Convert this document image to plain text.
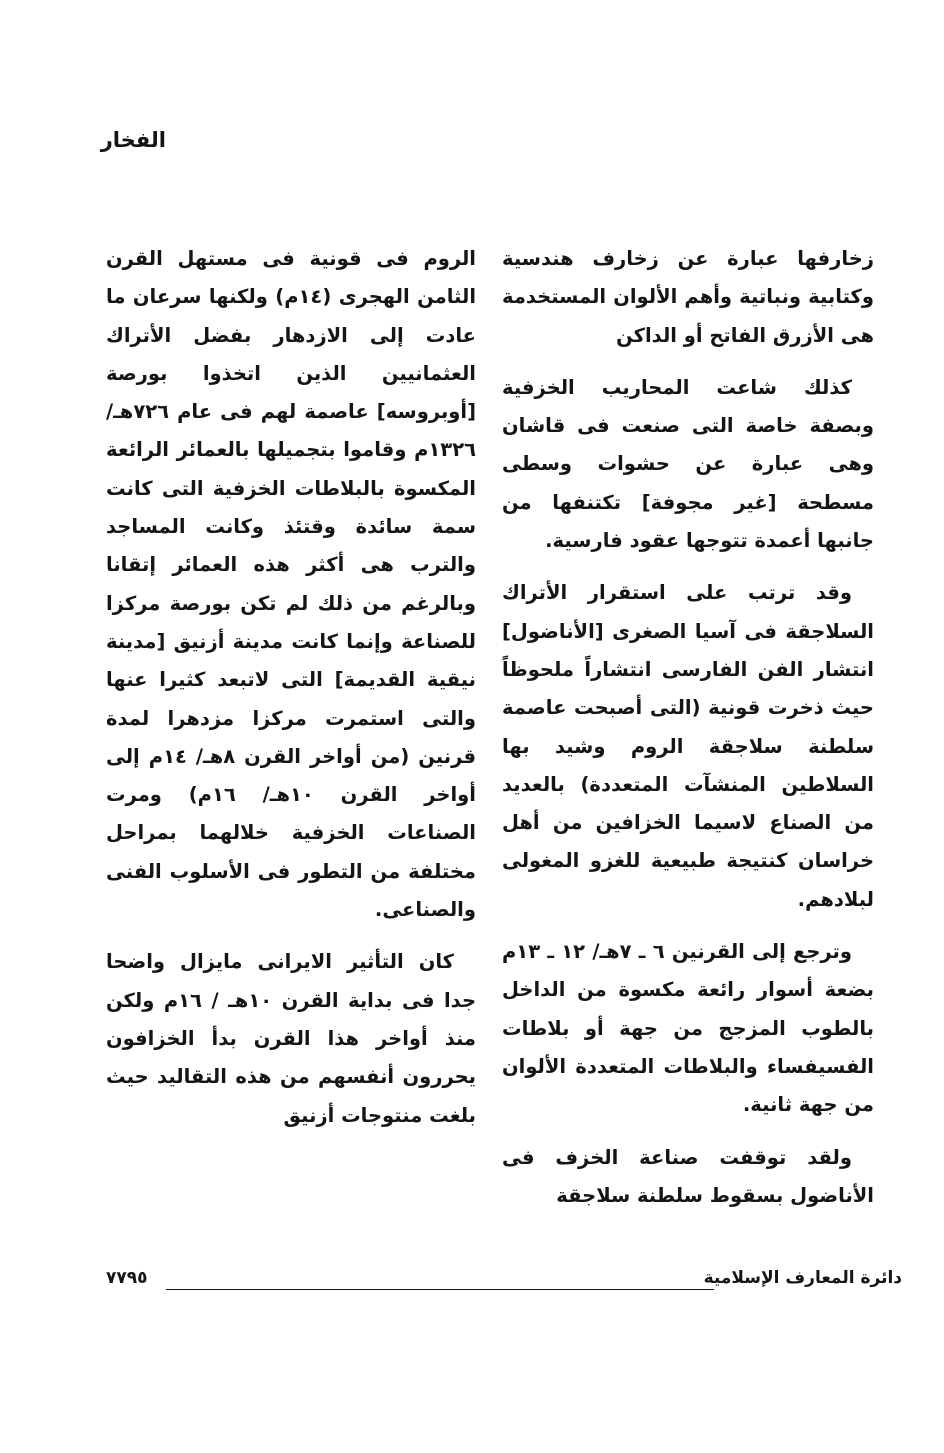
الفخار

زخارفها عبارة عن زخارف هندسية وكتابية ونباتية وأهم الألوان المستخدمة هى الأزرق الفاتح أو الداكن

كذلك شاعت المحاريب الخزفية وبصفة خاصة التى صنعت فى قاشان وهى عبارة عن حشوات وسطى مسطحة [غير مجوفة] تكتنفها من جانبها أعمدة تتوجها عقود فارسية.

وقد ترتب على استقرار الأتراك السلاجقة فى آسيا الصغرى [الأناضول] انتشار الفن الفارسى انتشاراً ملحوظاً حيث ذخرت قونية (التى أصبحت عاصمة سلطنة سلاجقة الروم وشيد بها السلاطين المنشآت المتعددة) بالعديد من الصناع لاسيما الخزافين من أهل خراسان كنتيجة طبيعية للغزو المغولى لبلادهم.

وترجع إلى القرنين ٦ ـ ٧هـ/ ١٢ ـ ١٣م بضعة أسوار رائعة مكسوة من الداخل بالطوب المزجج من جهة أو بلاطات الفسيفساء والبلاطات المتعددة الألوان من جهة ثانية.

ولقد توقفت صناعة الخزف فى الأناضول بسقوط سلطنة سلاجقة

الروم فى قونية فى مستهل القرن الثامن الهجرى (١٤م) ولكنها سرعان ما عادت إلى الازدهار بفضل الأتراك العثمانيين الذين اتخذوا بورصة [أوبروسه] عاصمة لهم فى عام ٧٢٦هـ/١٣٢٦م وقاموا بتجميلها بالعمائر الرائعة المكسوة بالبلاطات الخزفية التى كانت سمة سائدة وقتئذ وكانت المساجد والترب هى أكثر هذه العمائر إتقانا وبالرغم من ذلك لم تكن بورصة مركزا للصناعة وإنما كانت مدينة أزنيق [مدينة نيقية القديمة] التى لاتبعد كثيرا عنها والتى استمرت مركزا مزدهرا لمدة قرنين (من أواخر القرن ٨هـ/ ١٤م إلى أواخر القرن ١٠هـ/ ١٦م) ومرت الصناعات الخزفية خلالهما بمراحل مختلفة من التطور فى الأسلوب الفنى والصناعى.

كان التأثير الايرانى مايزال واضحا جدا فى بداية القرن ١٠هـ / ١٦م ولكن منذ أواخر هذا القرن بدأ الخزافون يحررون أنفسهم من هذه التقاليد حيث بلغت منتوجات أزنيق

دائرة المعارف الإسلامية
٧٧٩٥
